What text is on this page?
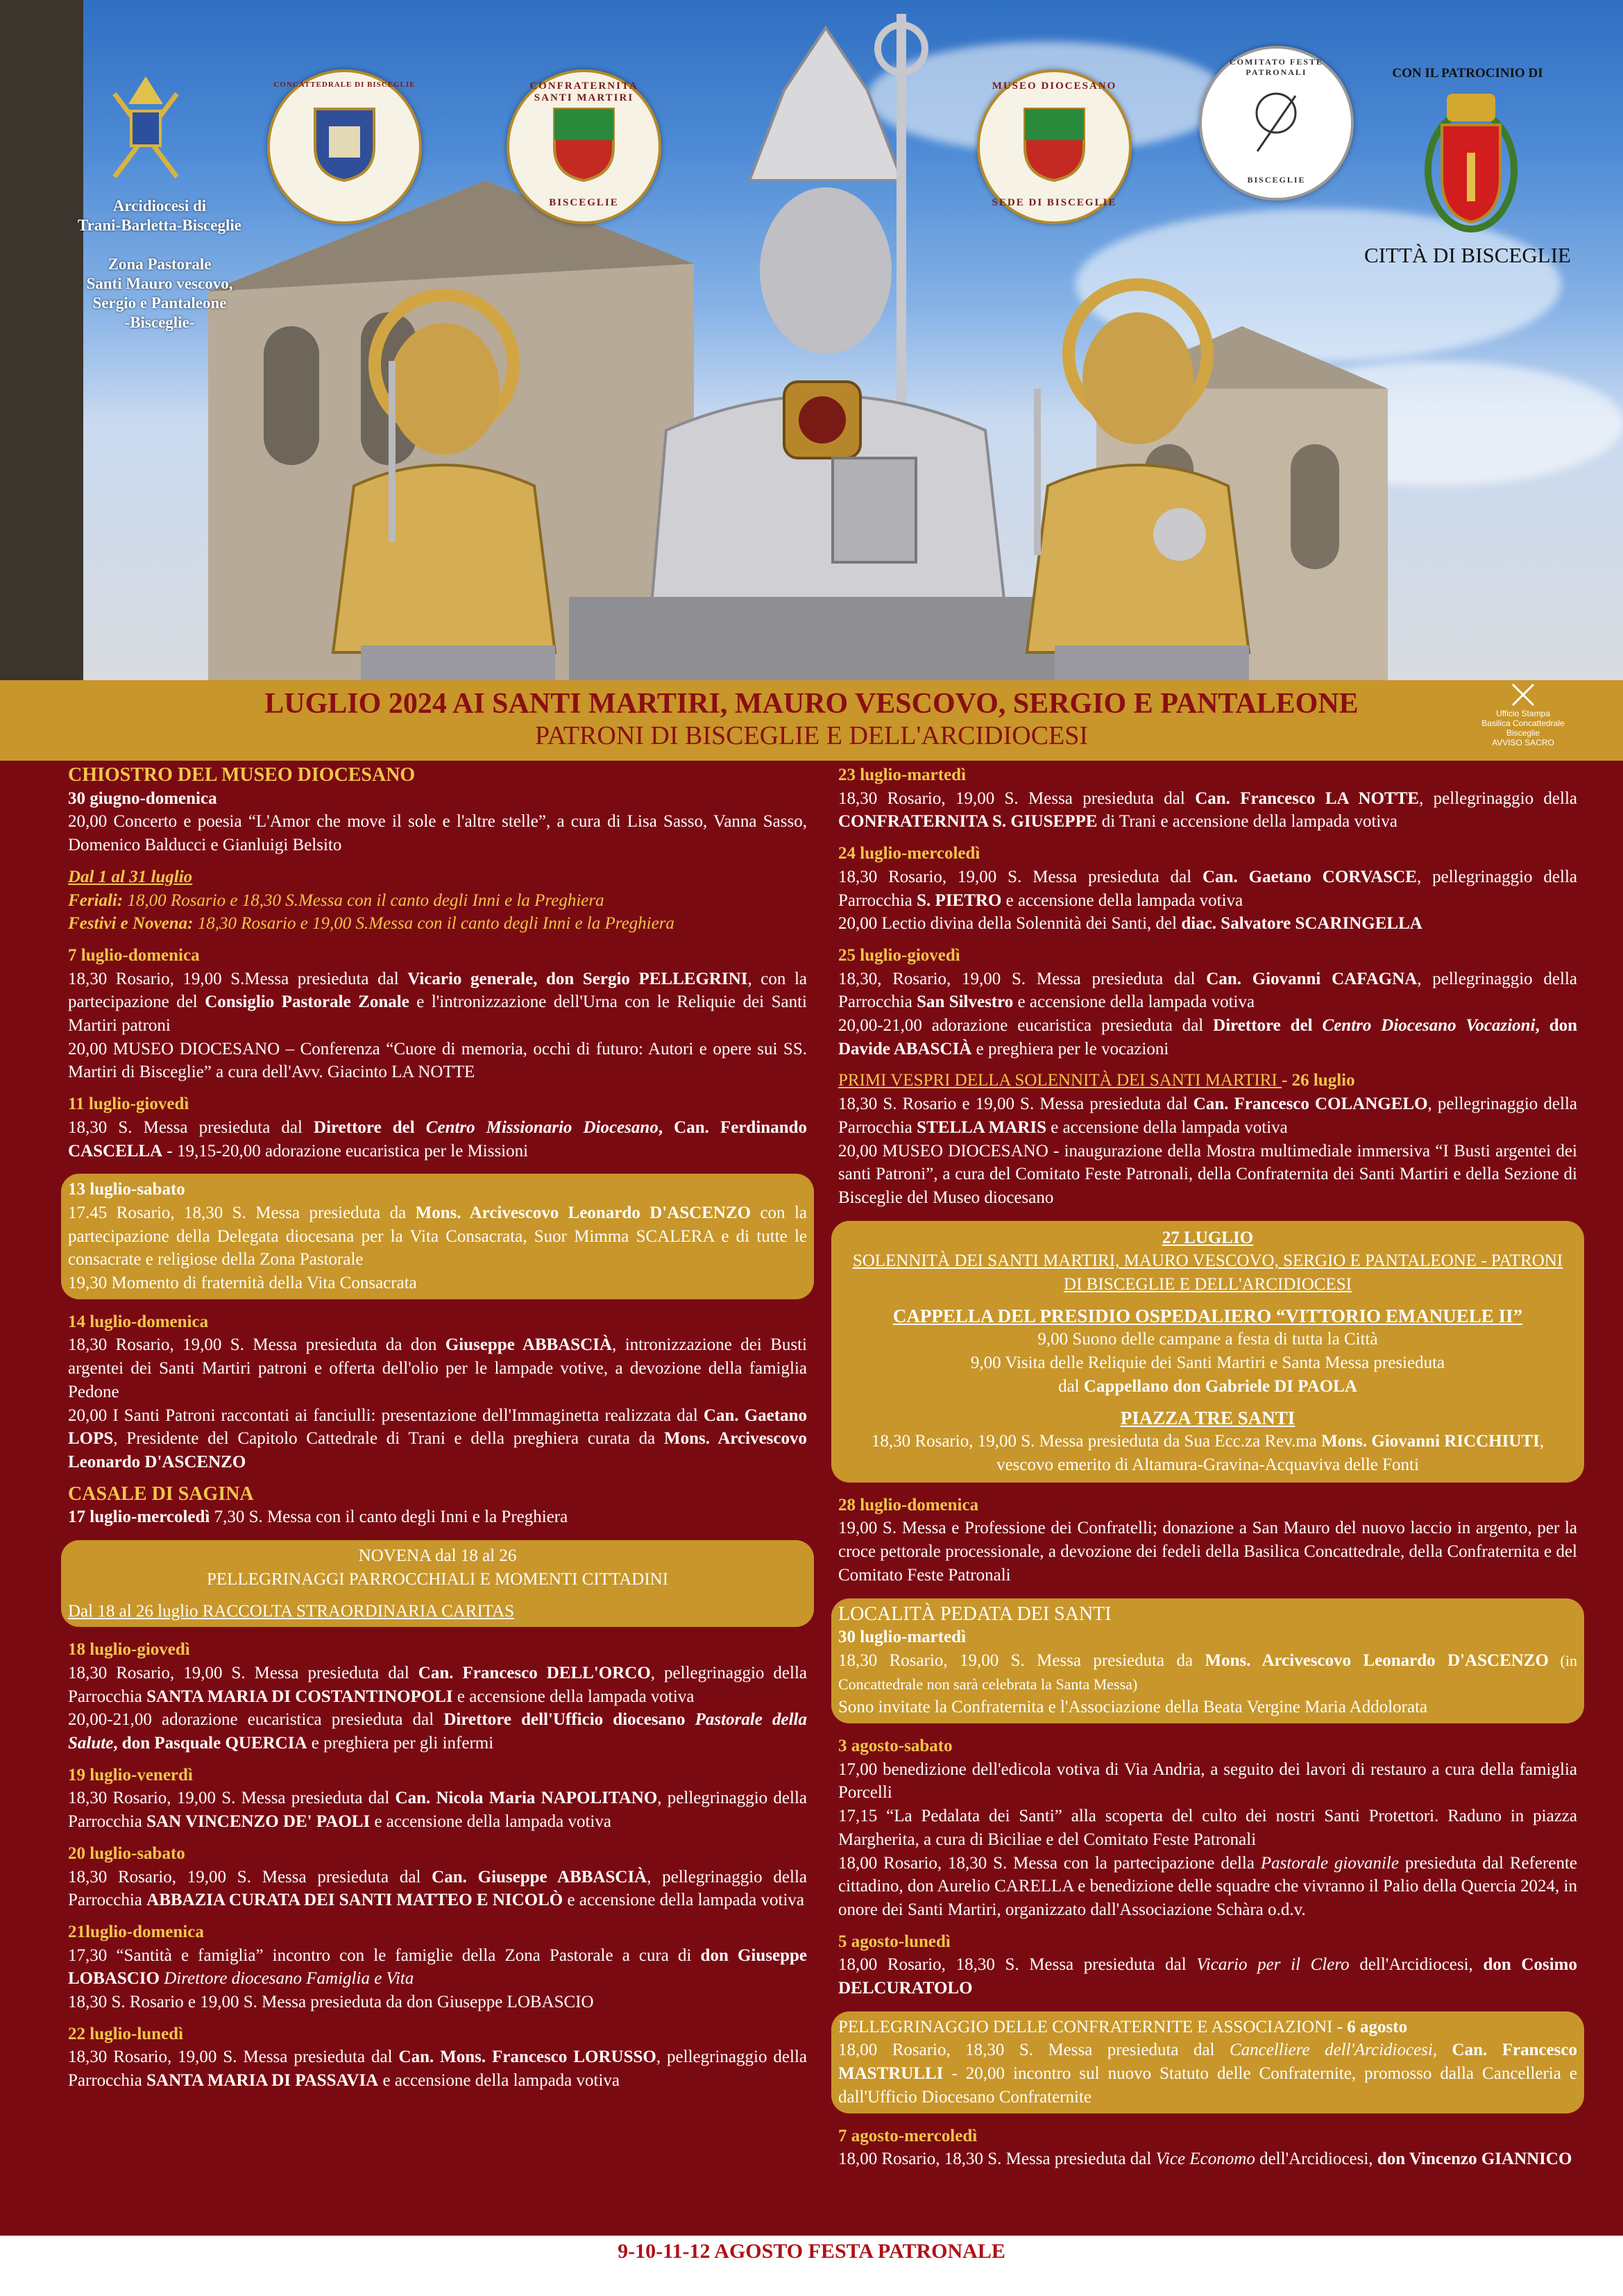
Arcidiocesi di
Trani-Barletta-Bisceglie
Zona Pastorale
Santi Mauro vescovo,
Sergio e Pantaleone
-Bisceglie-
CONCATTEDRALE DI BISCEGLIE	CONFRATERNITA SANTI MARTIRI
BISCEGLIE
MUSEO DIOCESANO
SEDE DI BISCEGLIE
COMITATO FESTE PATRONALI
BISCEGLIE
CON IL PATROCINIO DI
CITTÀ DI BISCEGLIE
LUGLIO 2024 AI SANTI MARTIRI, MAURO VESCOVO, SERGIO E PANTALEONE
PATRONI DI BISCEGLIE E DELL'ARCIDIOCESI
Ufficio Stampa
Basilica Concattedrale
Bisceglie
AVVISO SACRO

CHIOSTRO DEL MUSEO DIOCESANO

30 giugno-domenica

20,00 Concerto e poesia “L'Amor che move il sole e l'altre stelle”, a cura di Lisa Sasso, Vanna Sasso, Domenico Balducci e Gianluigi Belsito

Dal 1 al 31 luglio

Feriali: 18,00 Rosario e 18,30 S.Messa con il canto degli Inni e la Preghiera

Festivi e Novena: 18,30 Rosario e 19,00 S.Messa con il canto degli Inni e la Preghiera

7 luglio-domenica

18,30 Rosario, 19,00 S.Messa presieduta dal Vicario generale, don Sergio PELLEGRINI, con la partecipazione del Consiglio Pastorale Zonale e l'intronizzazione dell'Urna con le Reliquie dei Santi Martiri patroni

20,00 MUSEO DIOCESANO – Conferenza “Cuore di memoria, occhi di futuro: Autori e opere sui SS. Martiri di Bisceglie” a cura dell'Avv. Giacinto LA NOTTE

11 luglio-giovedì

18,30 S. Messa presieduta dal Direttore del Centro Missionario Diocesano, Can. Ferdinando CASCELLA - 19,15-20,00 adorazione eucaristica per le Missioni

13 luglio-sabato

17.45 Rosario, 18,30 S. Messa presieduta da Mons. Arcivescovo Leonardo D'ASCENZO con la partecipazione della Delegata diocesana per la Vita Consacrata, Suor Mimma SCALERA e di tutte le consacrate e religiose della Zona Pastorale

19,30 Momento di fraternità della Vita Consacrata

14 luglio-domenica

18,30 Rosario, 19,00 S. Messa presieduta da don Giuseppe ABBASCIÀ, intronizzazione dei Busti argentei dei Santi Martiri patroni e offerta dell'olio per le lampade votive, a devozione della famiglia Pedone

20,00 I Santi Patroni raccontati ai fanciulli: presentazione dell'Immaginetta realizzata dal Can. Gaetano LOPS, Presidente del Capitolo Cattedrale di Trani e della preghiera curata da Mons. Arcivescovo Leonardo D'ASCENZO

CASALE DI SAGINA

17 luglio-mercoledì 7,30 S. Messa con il canto degli Inni e la Preghiera

NOVENA dal 18 al 26

PELLEGRINAGGI PARROCCHIALI E MOMENTI CITTADINI

Dal 18 al 26 luglio RACCOLTA STRAORDINARIA CARITAS

18 luglio-giovedì

18,30 Rosario, 19,00 S. Messa presieduta dal Can. Francesco DELL'ORCO, pellegrinaggio della Parrocchia SANTA MARIA DI COSTANTINOPOLI e accensione della lampada votiva

20,00-21,00 adorazione eucaristica presieduta dal Direttore dell'Ufficio diocesano Pastorale della Salute, don Pasquale QUERCIA e preghiera per gli infermi

19 luglio-venerdì

18,30 Rosario, 19,00 S. Messa presieduta dal Can. Nicola Maria NAPOLITANO, pellegrinaggio della Parrocchia SAN VINCENZO DE' PAOLI e accensione della lampada votiva

20 luglio-sabato

18,30 Rosario, 19,00 S. Messa presieduta dal Can. Giuseppe ABBASCIÀ, pellegrinaggio della Parrocchia ABBAZIA CURATA DEI SANTI MATTEO E NICOLÒ e accensione della lampada votiva

21luglio-domenica

17,30 “Santità e famiglia” incontro con le famiglie della Zona Pastorale a cura di don Giuseppe LOBASCIO Direttore diocesano Famiglia e Vita

18,30 S. Rosario e 19,00 S. Messa presieduta da don Giuseppe LOBASCIO

22 luglio-lunedì

18,30 Rosario, 19,00 S. Messa presieduta dal Can. Mons. Francesco LORUSSO, pellegrinaggio della Parrocchia SANTA MARIA DI PASSAVIA e accensione della lampada votiva

23 luglio-martedì

18,30 Rosario, 19,00 S. Messa presieduta dal Can. Francesco LA NOTTE, pellegrinaggio della CONFRATERNITA S. GIUSEPPE di Trani e accensione della lampada votiva

24 luglio-mercoledì

18,30 Rosario, 19,00 S. Messa presieduta dal Can. Gaetano CORVASCE, pellegrinaggio della Parrocchia S. PIETRO e accensione della lampada votiva

20,00 Lectio divina della Solennità dei Santi, del diac. Salvatore SCARINGELLA

25 luglio-giovedì

18,30, Rosario, 19,00 S. Messa presieduta dal Can. Giovanni CAFAGNA, pellegrinaggio della Parrocchia San Silvestro e accensione della lampada votiva

20,00-21,00 adorazione eucaristica presieduta dal Direttore del Centro Diocesano Vocazioni, don Davide ABASCIÀ e preghiera per le vocazioni

PRIMI VESPRI DELLA SOLENNITÀ DEI SANTI MARTIRI - 26 luglio

18,30 S. Rosario e 19,00 S. Messa presieduta dal Can. Francesco COLANGELO, pellegrinaggio della Parrocchia STELLA MARIS e accensione della lampada votiva

20,00 MUSEO DIOCESANO - inaugurazione della Mostra multimediale immersiva “I Busti argentei dei santi Patroni”, a cura del Comitato Feste Patronali, della Confraternita dei Santi Martiri e della Sezione di Bisceglie del Museo diocesano

27 LUGLIO

SOLENNITÀ DEI SANTI MARTIRI, MAURO VESCOVO, SERGIO E PANTALEONE - PATRONI DI BISCEGLIE E DELL'ARCIDIOCESI

CAPPELLA DEL PRESIDIO OSPEDALIERO “VITTORIO EMANUELE II”

9,00 Suono delle campane a festa di tutta la Città

9,00 Visita delle Reliquie dei Santi Martiri e Santa Messa presieduta

dal Cappellano don Gabriele DI PAOLA

PIAZZA TRE SANTI

18,30 Rosario, 19,00 S. Messa presieduta da Sua Ecc.za Rev.ma Mons. Giovanni RICCHIUTI, vescovo emerito di Altamura-Gravina-Acquaviva delle Fonti

28 luglio-domenica

19,00 S. Messa e Professione dei Confratelli; donazione a San Mauro del nuovo laccio in argento, per la croce pettorale processionale, a devozione dei fedeli della Basilica Concattedrale, della Confraternita e del Comitato Feste Patronali

LOCALITÀ PEDATA DEI SANTI

30 luglio-martedì

18,30 Rosario, 19,00 S. Messa presieduta da Mons. Arcivescovo Leonardo D'ASCENZO (in Concattedrale non sarà celebrata la Santa Messa)

Sono invitate la Confraternita e l'Associazione della Beata Vergine Maria Addolorata

3 agosto-sabato

17,00 benedizione dell'edicola votiva di Via Andria, a seguito dei lavori di restauro a cura della famiglia Porcelli

17,15 “La Pedalata dei Santi” alla scoperta del culto dei nostri Santi Protettori. Raduno in piazza Margherita, a cura di Biciliae e del Comitato Feste Patronali

18,00 Rosario, 18,30 S. Messa con la partecipazione della Pastorale giovanile presieduta dal Referente cittadino, don Aurelio CARELLA e benedizione delle squadre che vivranno il Palio della Quercia 2024, in onore dei Santi Martiri, organizzato dall'Associazione Schàra o.d.v.

5 agosto-lunedì

18,00 Rosario, 18,30 S. Messa presieduta dal Vicario per il Clero dell'Arcidiocesi, don Cosimo DELCURATOLO

PELLEGRINAGGIO DELLE CONFRATERNITE E ASSOCIAZIONI - 6 agosto

18,00 Rosario, 18,30 S. Messa presieduta dal Cancelliere dell'Arcidiocesi, Can. Francesco MASTRULLI - 20,00 incontro sul nuovo Statuto delle Confraternite, promosso dalla Cancelleria e dall'Ufficio Diocesano Confraternite

7 agosto-mercoledì

18,00 Rosario, 18,30 S. Messa presieduta dal Vice Economo dell'Arcidiocesi, don Vincenzo GIANNICO

9-10-11-12 AGOSTO FESTA PATRONALE
